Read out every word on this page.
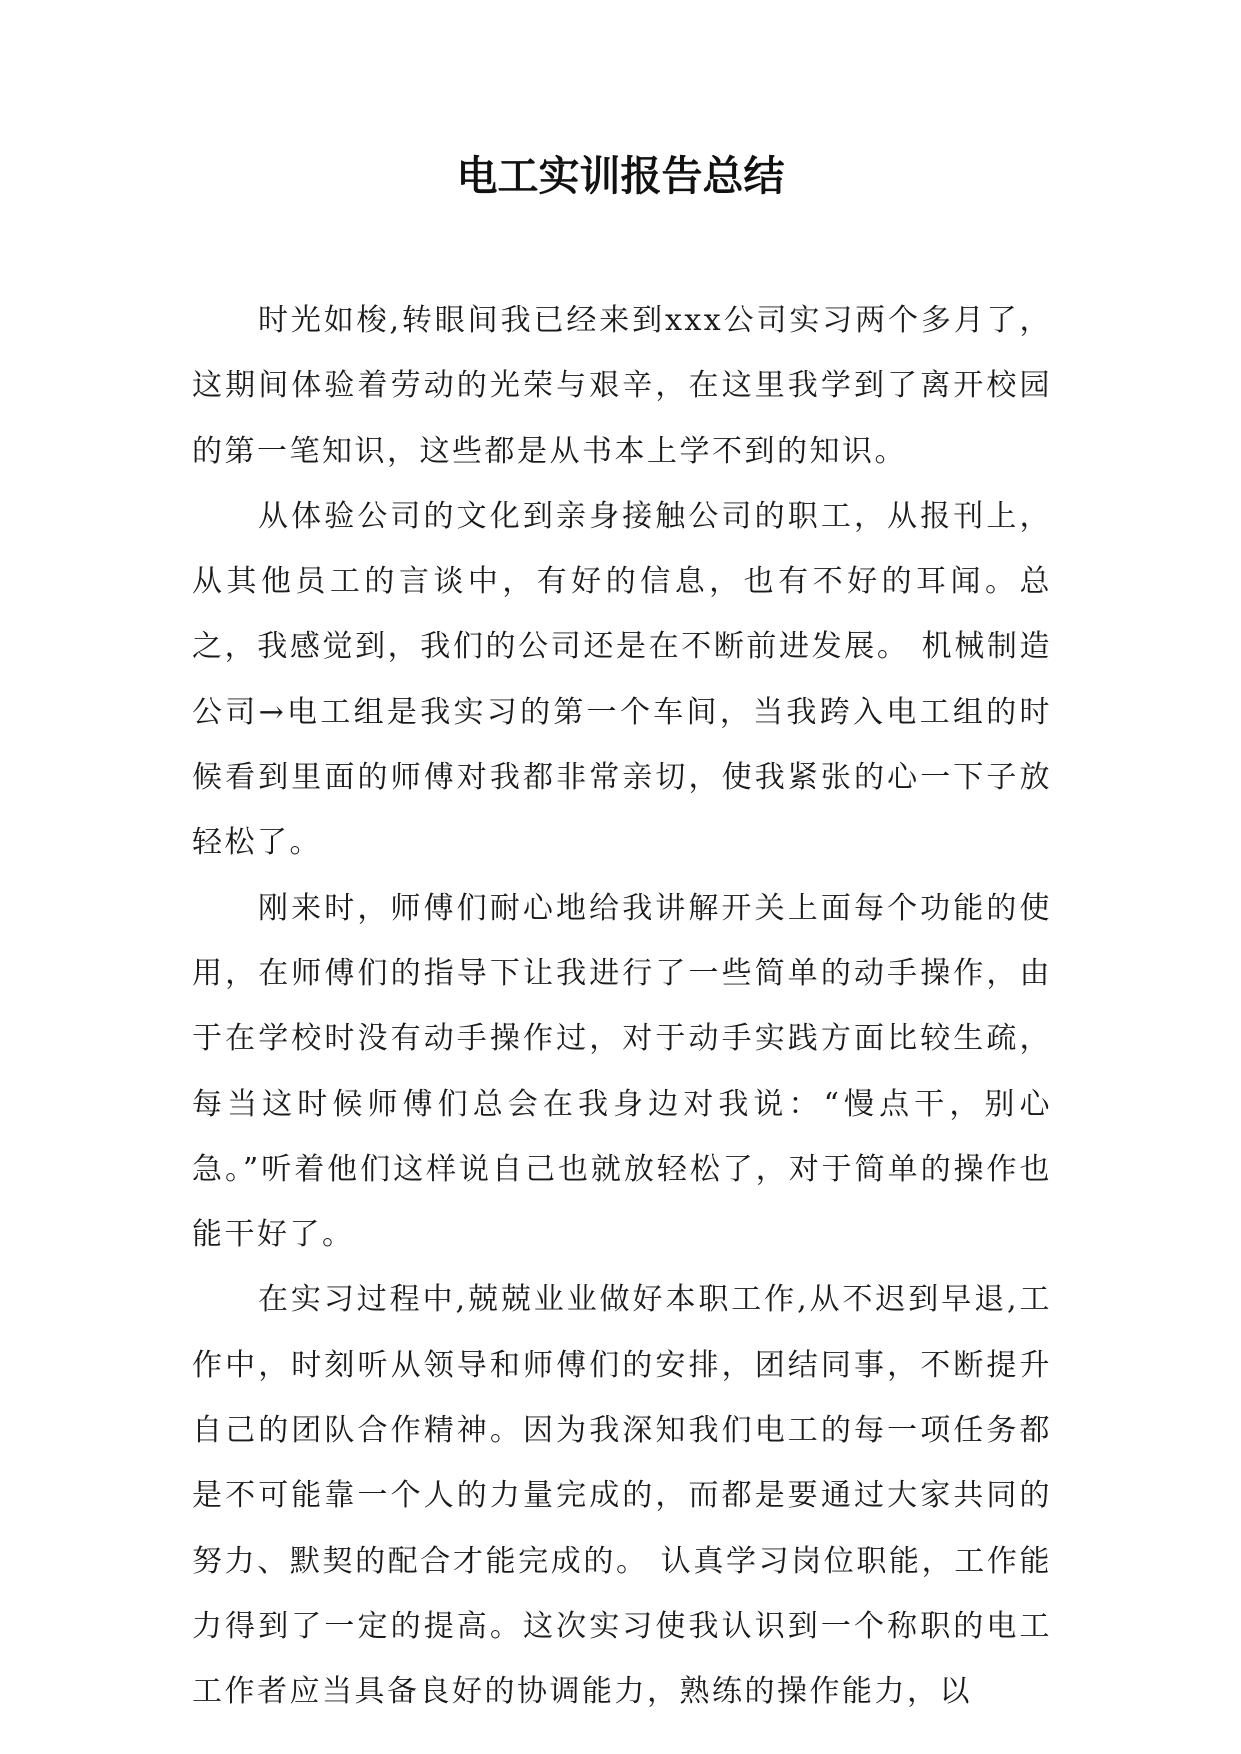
电工实训报告总结

时光如梭,转眼间我已经来到xxx公司实习两个多月了，这期间体验着劳动的光荣与艰辛，在这里我学到了离开校园的第一笔知识，这些都是从书本上学不到的知识。

从体验公司的文化到亲身接触公司的职工，从报刊上，从其他员工的言谈中，有好的信息，也有不好的耳闻。总之，我感觉到，我们的公司还是在不断前进发展。 机械制造公司→电工组是我实习的第一个车间，当我跨入电工组的时候看到里面的师傅对我都非常亲切，使我紧张的心一下子放轻松了。

刚来时，师傅们耐心地给我讲解开关上面每个功能的使用，在师傅们的指导下让我进行了一些简单的动手操作，由于在学校时没有动手操作过，对于动手实践方面比较生疏，每当这时候师傅们总会在我身边对我说：“慢点干，别心急。”听着他们这样说自己也就放轻松了，对于简单的操作也能干好了。

在实习过程中,兢兢业业做好本职工作,从不迟到早退,工作中，时刻听从领导和师傅们的安排，团结同事，不断提升自己的团队合作精神。因为我深知我们电工的每一项任务都是不可能靠一个人的力量完成的，而都是要通过大家共同的努力、默契的配合才能完成的。 认真学习岗位职能，工作能力得到了一定的提高。这次实习使我认识到一个称职的电工工作者应当具备良好的协调能力，熟练的操作能力，以
